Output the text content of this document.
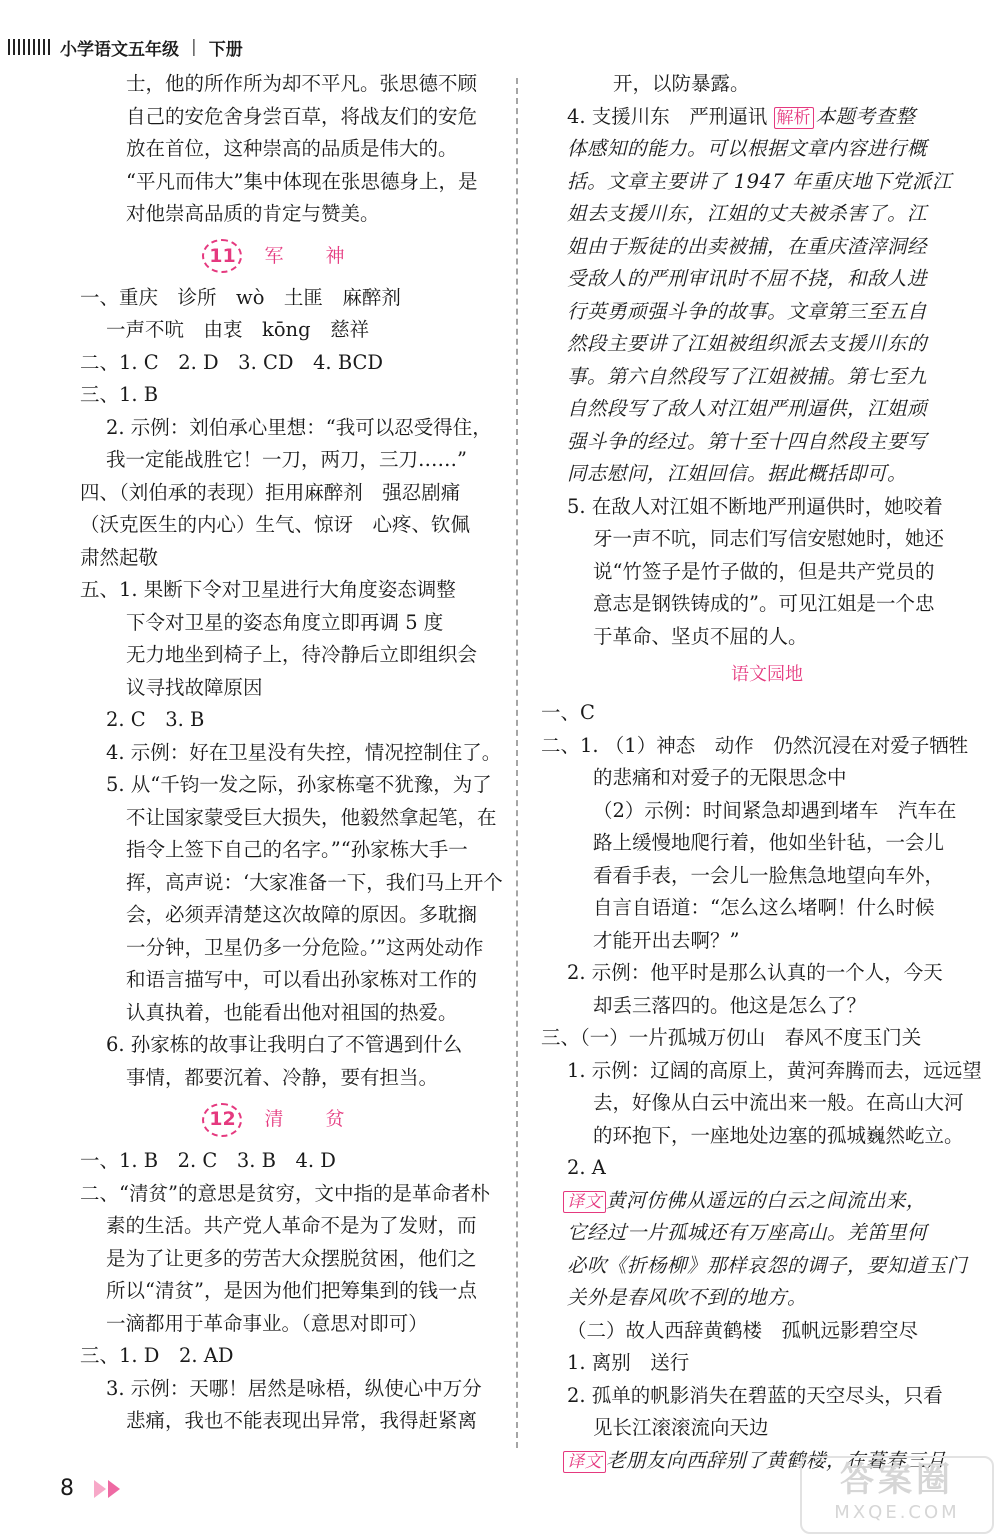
小学语文五年级 | 下册
士，他的所作所为却不平凡。张思德不顾
自己的安危舍身尝百草，将战友们的安危
放在首位，这种崇高的品质是伟大的。
“平凡而伟大”集中体现在张思德身上，是
对他崇高品质的肯定与赞美。
11	军 神
一、重庆　诊所　wò　土匪　麻醉剂
一声不吭　由衷　kōng　慈祥
二、1. C　2. D　3. CD　4. BCD
三、1. B
2. 示例：刘伯承心里想：“我可以忍受得住，
我一定能战胜它！一刀，两刀，三刀……”
四、（刘伯承的表现）拒用麻醉剂　强忍剧痛
（沃克医生的内心）生气、惊讶　心疼、钦佩
肃然起敬
五、1. 果断下令对卫星进行大角度姿态调整
下令对卫星的姿态角度立即再调 5 度
无力地坐到椅子上，待冷静后立即组织会
议寻找故障原因
2. C　3. B
4. 示例：好在卫星没有失控，情况控制住了。
5. 从“千钧一发之际，孙家栋毫不犹豫，为了
不让国家蒙受巨大损失，他毅然拿起笔，在
指令上签下自己的名字。”“孙家栋大手一
挥，高声说：‘大家准备一下，我们马上开个
会，必须弄清楚这次故障的原因。多耽搁
一分钟，卫星仍多一分危险。’”这两处动作
和语言描写中，可以看出孙家栋对工作的
认真执着，也能看出他对祖国的热爱。
6. 孙家栋的故事让我明白了不管遇到什么
事情，都要沉着、冷静，要有担当。
12	清 贫
一、1. B　2. C　3. B　4. D
二、“清贫”的意思是贫穷，文中指的是革命者朴
素的生活。共产党人革命不是为了发财，而
是为了让更多的劳苦大众摆脱贫困，他们之
所以“清贫”，是因为他们把筹集到的钱一点
一滴都用于革命事业。（意思对即可）
三、1. D　2. AD
3. 示例：天哪！居然是咏梧，纵使心中万分
悲痛，我也不能表现出异常，我得赶紧离
开，以防暴露。
4. 支援川东　严刑逼讯 解析 本题考查整
体感知的能力。可以根据文章内容进行概
括。文章主要讲了 1947 年重庆地下党派江
姐去支援川东，江姐的丈夫被杀害了。江
姐由于叛徒的出卖被捕，在重庆渣滓洞经
受敌人的严刑审讯时不屈不挠，和敌人进
行英勇顽强斗争的故事。文章第三至五自
然段主要讲了江姐被组织派去支援川东的
事。第六自然段写了江姐被捕。第七至九
自然段写了敌人对江姐严刑逼供，江姐顽
强斗争的经过。第十至十四自然段主要写
同志慰问，江姐回信。据此概括即可。
5. 在敌人对江姐不断地严刑逼供时，她咬着
牙一声不吭，同志们写信安慰她时，她还
说“竹签子是竹子做的，但是共产党员的
意志是钢铁铸成的”。可见江姐是一个忠
于革命、坚贞不屈的人。
语文园地
一、C
二、1. （1）神态　动作　仍然沉浸在对爱子牺牲
的悲痛和对爱子的无限思念中
（2）示例：时间紧急却遇到堵车　汽车在
路上缓慢地爬行着，他如坐针毡，一会儿
看看手表，一会儿一脸焦急地望向车外，
自言自语道：“怎么这么堵啊！什么时候
才能开出去啊？”
2. 示例：他平时是那么认真的一个人，今天
却丢三落四的。他这是怎么了？
三、（一）一片孤城万仞山　春风不度玉门关
1. 示例：辽阔的高原上，黄河奔腾而去，远远望
去，好像从白云中流出来一般。在高山大河
的环抱下，一座地处边塞的孤城巍然屹立。
2. A
译文 黄河仿佛从遥远的白云之间流出来，
它经过一片孤城还有万座高山。羌笛里何
必吹《折杨柳》那样哀怨的调子，要知道玉门
关外是春风吹不到的地方。
（二）故人西辞黄鹤楼　孤帆远影碧空尽
1. 离别　送行
2. 孤单的帆影消失在碧蓝的天空尽头，只看
见长江滚滚流向天边
译文 老朋友向西辞别了黄鹤楼，在暮春三月
8	答案圈
MXQE.COM
